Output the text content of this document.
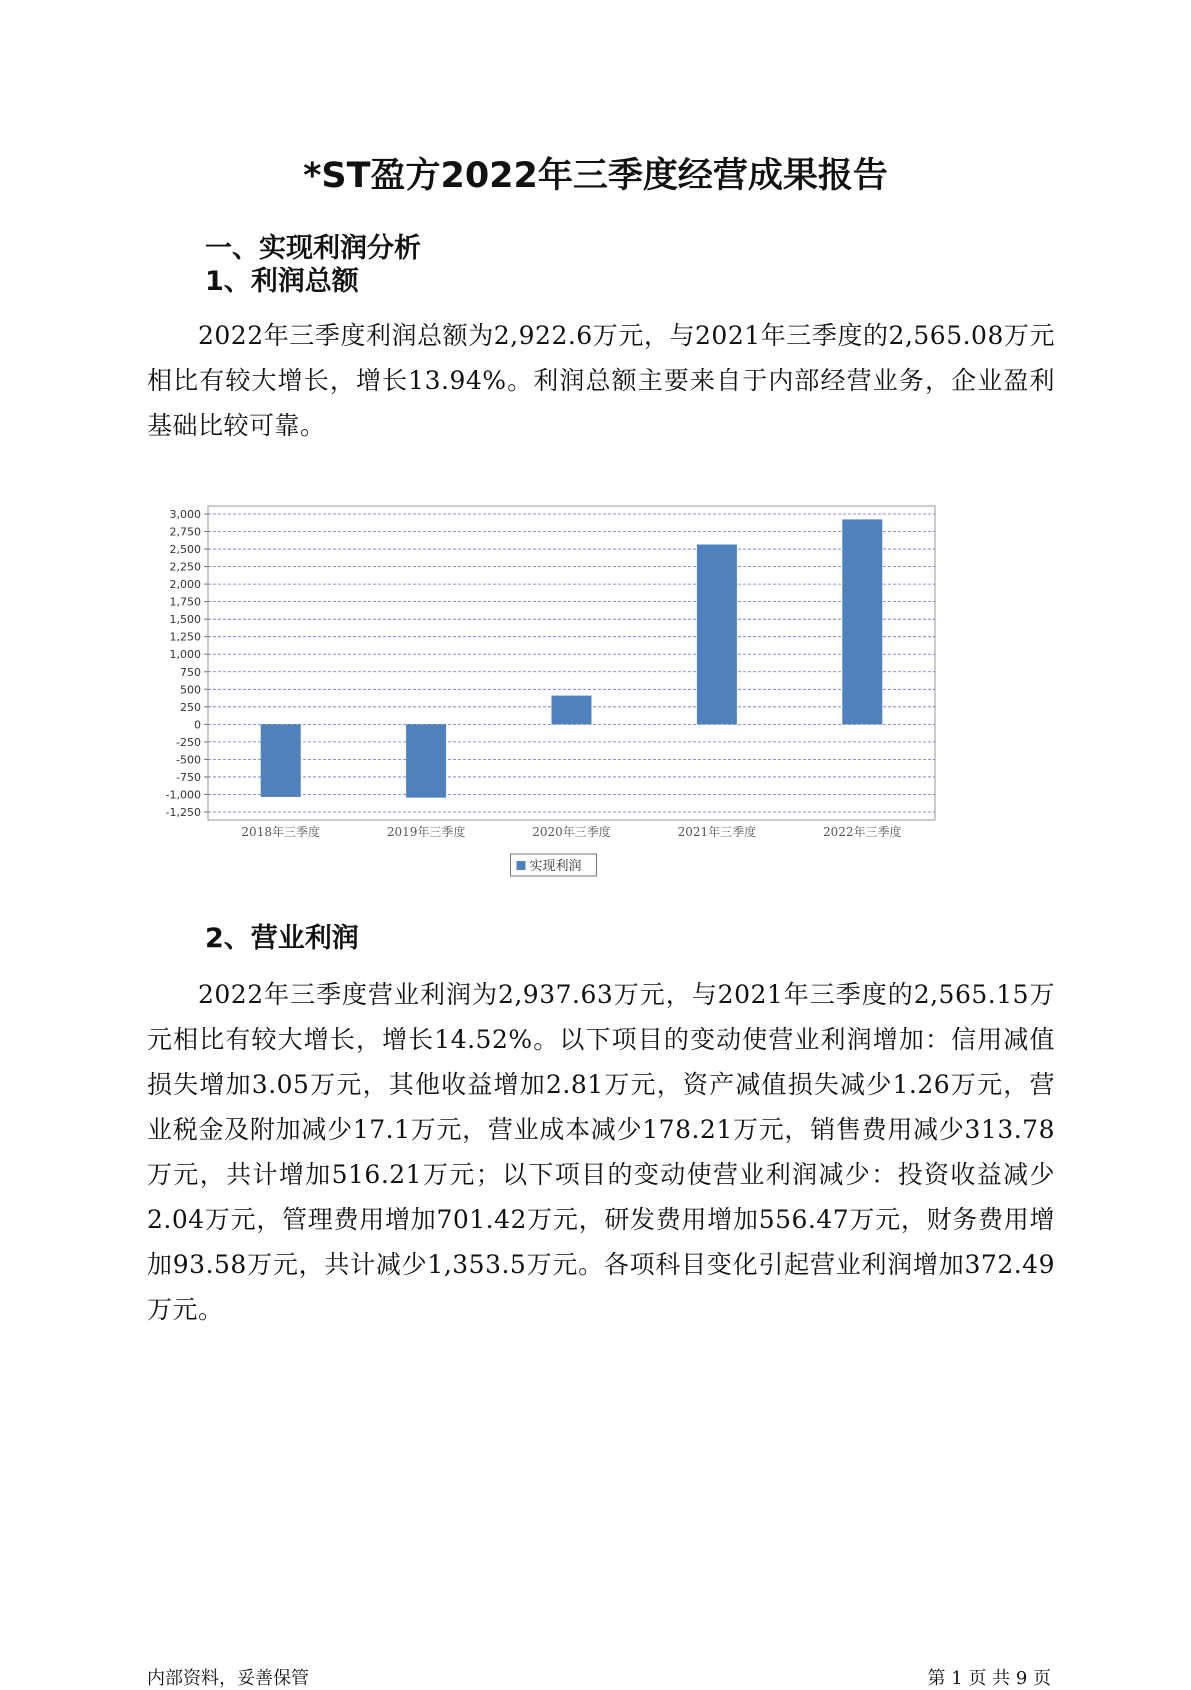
*ST盈方2022年三季度经营成果报告
一、实现利润分析
1、利润总额
2022年三季度利润总额为2,922.6万元，与2021年三季度的2,565.08万元相比有较大增长，增长13.94%。利润总额主要来自于内部经营业务，企业盈利基础比较可靠。
3,000
2,750
2,500
2,250
2,000
1,750
1,500
1,250
1,000
750
500
250
0
-250
-500
-750
-1,000
-1,250
2018年三季度	2019年三季度	2020年三季度	2021年三季度	2022年三季度
实现利润
2、营业利润
2022年三季度营业利润为2,937.63万元，与2021年三季度的2,565.15万元相比有较大增长，增长14.52%。以下项目的变动使营业利润增加：信用减值损失增加3.05万元，其他收益增加2.81万元，资产减值损失减少1.26万元，营业税金及附加减少17.1万元，营业成本减少178.21万元，销售费用减少313.78万元，共计增加516.21万元；以下项目的变动使营业利润减少：投资收益减少2.04万元，管理费用增加701.42万元，研发费用增加556.47万元，财务费用增加93.58万元，共计减少1,353.5万元。各项科目变化引起营业利润增加372.49万元。
内部资料，妥善保管	第 1 页 共 9 页
